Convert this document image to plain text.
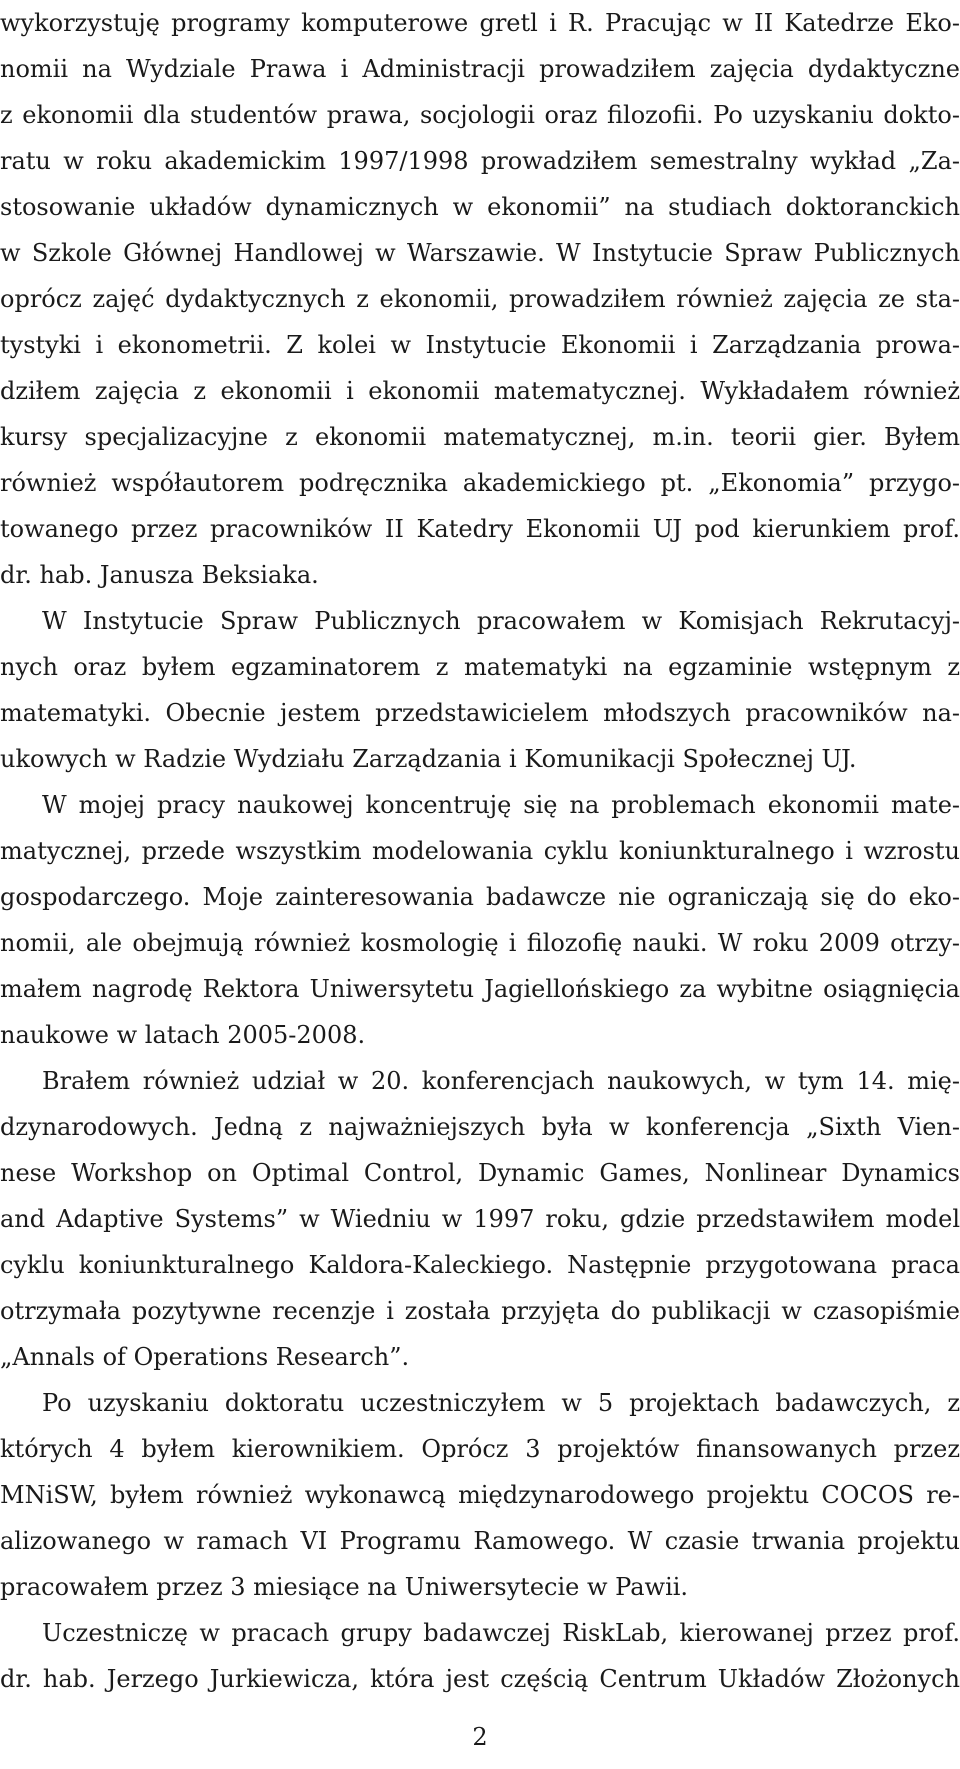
wykorzystuję programy komputerowe gretl i R. Pracując w II Katedrze Eko-
nomii na Wydziale Prawa i Administracji prowadziłem zajęcia dydaktyczne
z ekonomii dla studentów prawa, socjologii oraz filozofii. Po uzyskaniu dokto-
ratu w roku akademickim 1997/1998 prowadziłem semestralny wykład „Za-
stosowanie układów dynamicznych w ekonomii” na studiach doktoranckich
w Szkole Głównej Handlowej w Warszawie. W Instytucie Spraw Publicznych
oprócz zajęć dydaktycznych z ekonomii, prowadziłem również zajęcia ze sta-
tystyki i ekonometrii. Z kolei w Instytucie Ekonomii i Zarządzania prowa-
dziłem zajęcia z ekonomii i ekonomii matematycznej. Wykładałem również
kursy specjalizacyjne z ekonomii matematycznej, m.in. teorii gier. Byłem
również współautorem podręcznika akademickiego pt. „Ekonomia” przygo-
towanego przez pracowników II Katedry Ekonomii UJ pod kierunkiem prof.
dr. hab. Janusza Beksiaka.
W Instytucie Spraw Publicznych pracowałem w Komisjach Rekrutacyj-
nych oraz byłem egzaminatorem z matematyki na egzaminie wstępnym z
matematyki. Obecnie jestem przedstawicielem młodszych pracowników na-
ukowych w Radzie Wydziału Zarządzania i Komunikacji Społecznej UJ.
W mojej pracy naukowej koncentruję się na problemach ekonomii mate-
matycznej, przede wszystkim modelowania cyklu koniunkturalnego i wzrostu
gospodarczego. Moje zainteresowania badawcze nie ograniczają się do eko-
nomii, ale obejmują również kosmologię i filozofię nauki. W roku 2009 otrzy-
małem nagrodę Rektora Uniwersytetu Jagiellońskiego za wybitne osiągnięcia
naukowe w latach 2005-2008.
Brałem również udział w 20. konferencjach naukowych, w tym 14. mię-
dzynarodowych. Jedną z najważniejszych była w konferencja „Sixth Vien-
nese Workshop on Optimal Control, Dynamic Games, Nonlinear Dynamics
and Adaptive Systems” w Wiedniu w 1997 roku, gdzie przedstawiłem model
cyklu koniunkturalnego Kaldora-Kaleckiego. Następnie przygotowana praca
otrzymała pozytywne recenzje i została przyjęta do publikacji w czasopiśmie
„Annals of Operations Research”.
Po uzyskaniu doktoratu uczestniczyłem w 5 projektach badawczych, z
których 4 byłem kierownikiem. Oprócz 3 projektów finansowanych przez
MNiSW, byłem również wykonawcą międzynarodowego projektu COCOS re-
alizowanego w ramach VI Programu Ramowego. W czasie trwania projektu
pracowałem przez 3 miesiące na Uniwersytecie w Pawii.
Uczestniczę w pracach grupy badawczej RiskLab, kierowanej przez prof.
dr. hab. Jerzego Jurkiewicza, która jest częścią Centrum Układów Złożonych
2
